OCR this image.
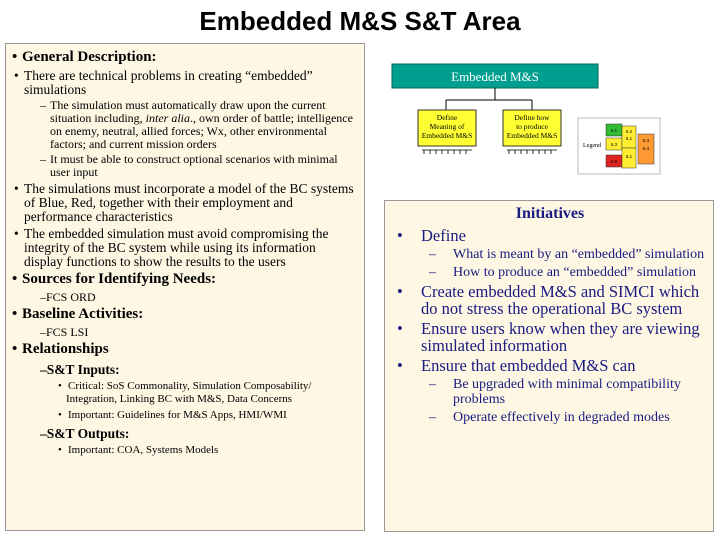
Embedded M&S S&T Area

• General Description:

• There are technical problems in creating “embedded” simulations

– The simulation must automatically draw upon the current situation including, inter alia., own order of battle; intelligence on enemy, neutral, allied forces; Wx, other environmental factors; and current mission orders

– It must be able to construct optional scenarios with minimal user input

• The simulations must incorporate a model of the BC systems of Blue, Red, together with their employment and performance characteristics

• The embedded simulation must avoid compromising the integrity of the BC system while using its information display functions to show the results to the users

• Sources for Identifying Needs:

–FCS ORD

• Baseline Activities:

–FCS LSI

• Relationships

–S&T Inputs:

• Critical: SoS Commonality, Simulation Composability/ Integration, Linking BC with M&S, Data Concerns

• Important: Guidelines for M&S Apps, HMI/WMI

–S&T Outputs:

• Important: COA, Systems Models

Embedded M&S
Define
Meaning of
Embedded M&S
Define how
to produce
Embedded M&S
Legend
6.1 6.2
6.1
6.3
6.3
6.4
6.1
6.5
Initiatives
• Define
– What is meant by an “embedded” simulation
– How to produce an “embedded” simulation
• Create embedded M&S and SIMCI which do not stress the operational BC system
• Ensure users know when they are viewing simulated information
• Ensure that embedded M&S can
– Be upgraded with minimal compatibility problems
– Operate effectively in degraded modes
